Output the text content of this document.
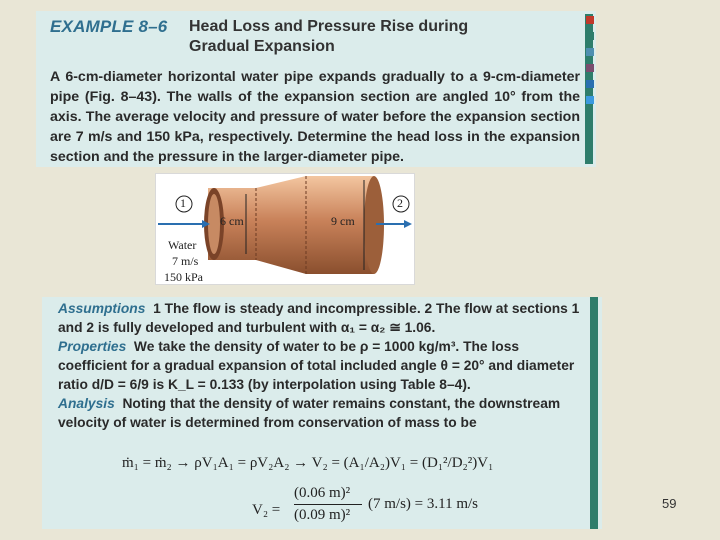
EXAMPLE 8–6 Head Loss and Pressure Rise during Gradual Expansion
A 6-cm-diameter horizontal water pipe expands gradually to a 9-cm-diameter pipe (Fig. 8–43). The walls of the expansion section are angled 10° from the axis. The average velocity and pressure of water before the expansion section are 7 m/s and 150 kPa, respectively. Determine the head loss in the expansion section and the pressure in the larger-diameter pipe.
1	2
6 cm	9 cm
Water
7 m/s
150 kPa
Assumptions 1 The flow is steady and incompressible. 2 The flow at sections 1 and 2 is fully developed and turbulent with α₁ = α₂ ≅ 1.06.
Properties We take the density of water to be ρ = 1000 kg/m³. The loss coefficient for a gradual expansion of total included angle θ = 20° and diameter ratio d/D = 6/9 is K_L = 0.133 (by interpolation using Table 8–4).
Analysis Noting that the density of water remains constant, the downstream velocity of water is determined from conservation of mass to be
ṁ₁ = ṁ₂ → ρV₁A₁ = ρV₂A₂ → V₂ = (A₁/A₂)V₁ = (D₁²/D₂²)V₁
V₂ =
(0.06 m)²
(0.09 m)²
(7 m/s) = 3.11 m/s	59
